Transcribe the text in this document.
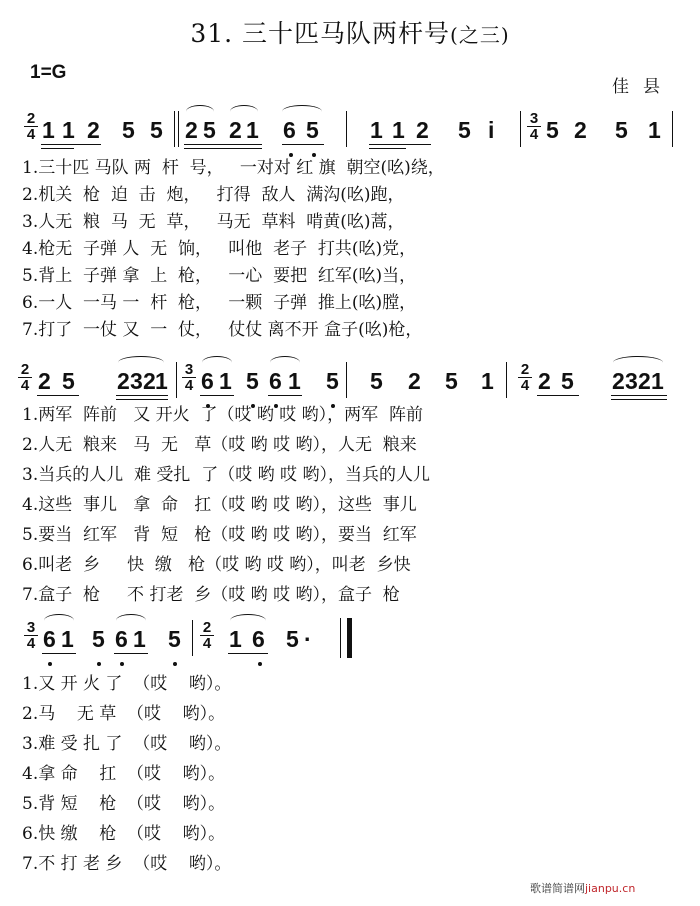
31. 三十匹马队两杆号(之三)
1=G
佳县
2
4 1 1 2 5 5 2 5 2 1 6 5 1 1 2 5 i 3
4 5 2 5 1
1.三十匹 马队 两  杆  号，   一对对 红 旗  朝空(吆)绕，
2.机关  枪  迫  击  炮，   打得  敌人  满沟(吆)跑，
3.人无  粮  马  无  草，   马无  草料  啃黄(吆)蒿，
4.枪无  子弹 人  无  饷，   叫他  老子  打共(吆)党，
5.背上  子弹 拿  上  枪，   一心  要把  红军(吆)当，
6.一人  一马 一  杆  枪，   一颗  子弹  推上(吆)膛，
7.打了  一仗 又  一  仗，   仗仗 离不开 盒子(吆)枪，
2
4 2 5 2 3 2 1 3
4 6 1 5 6 1 5 5 2 5 1 2
4 2 5 2 3 2 1
1.两军  阵前   又 开火  了（哎 哟 哎 哟），两军  阵前
2.人无  粮来   马  无   草（哎 哟 哎 哟），人无  粮来
3.当兵的人儿  难 受扎  了（哎 哟 哎 哟），当兵的人儿
4.这些  事儿   拿  命   扛（哎 哟 哎 哟），这些  事儿
5.要当  红军   背  短   枪（哎 哟 哎 哟），要当  红军
6.叫老  乡     快  缴   枪（哎 哟 哎 哟），叫老  乡快
7.盒子  枪     不 打老  乡（哎 哟 哎 哟），盒子  枪
3
4 6 1 5 6 1 5 2
4 1 6 5 ·
1.又 开 火 了  （哎    哟）。
2.马    无 草  （哎    哟）。
3.难 受 扎 了  （哎    哟）。
4.拿 命    扛  （哎    哟）。
5.背 短    枪  （哎    哟）。
6.快 缴    枪  （哎    哟）。
7.不 打 老 乡  （哎    哟）。
歌谱简谱网jianpu.cn
